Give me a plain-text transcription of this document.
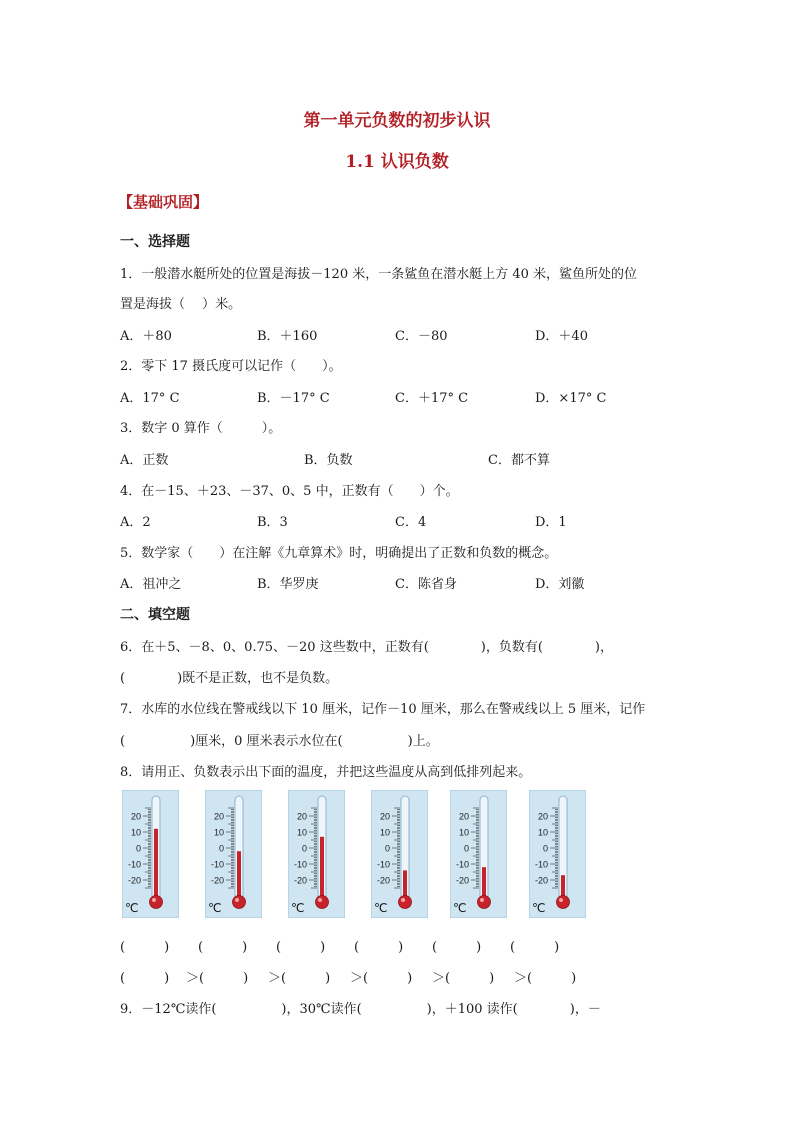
第一单元负数的初步认识
1.1 认识负数
【基础巩固】
一、选择题
1．一般潜水艇所处的位置是海拔－120 米，一条鲨鱼在潜水艇上方 40 米，鲨鱼所处的位
置是海拔（　 ）米。
A．＋80	B．＋160	C．－80	D．＋40
2．零下 17 摄氏度可以记作（　　）。
A．17° C	B．－17° C	C．＋17° C	D．×17° C
3．数字 0 算作（　　　）。
A．正数	B．负数	C．都不算
4．在－15、＋23、－37、0、5 中，正数有（　　）个。
A．2	B．3	C．4	D．1
5．数学家（　　）在注解《九章算术》时，明确提出了正数和负数的概念。
A．祖冲之	B．华罗庚	C．陈省身	D．刘徽
二、填空题
6．在＋5、－8、0、0.75、－20 这些数中，正数有(　　　　)，负数有(　　　　)，
(　　　　)既不是正数，也不是负数。
7．水库的水位线在警戒线以下 10 厘米，记作－10 厘米，那么在警戒线以上 5 厘米，记作
(　　　　　)厘米，0 厘米表示水位在(　　　　　)上。
8．请用正、负数表示出下面的温度，并把这些温度从高到低排列起来。
20
10
0
-10
-20
℃
20
10
0
-10
-20
℃
20
10
0
-10
-20
℃
20
10
0
-10
-20
℃
20
10
0
-10
-20
℃
20
10
0
-10
-20
℃
(　　　) (　　　) (　　　) (　　　) (　　　) (　　　)
(　　　) ＞(　　　) ＞(　　　) ＞(　　　) ＞(　　　) ＞(　　　)
9．－12℃读作(　　　　　)，30℃读作(　　　　　)，＋100 读作(　　　　)，－
